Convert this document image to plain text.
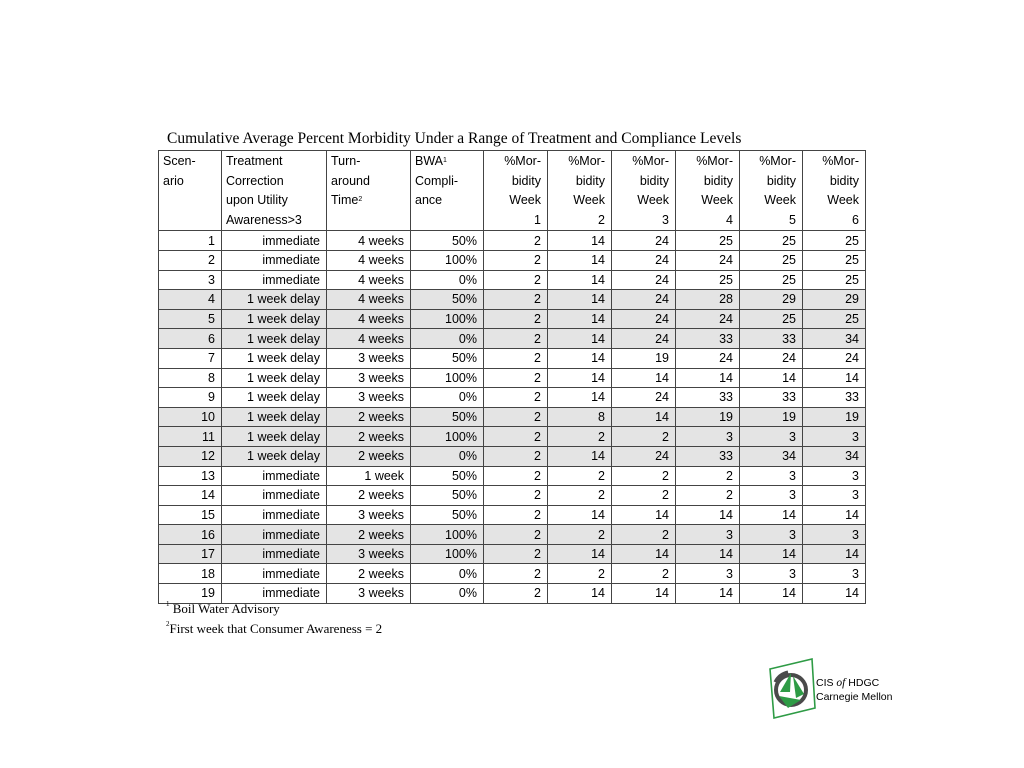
Cumulative Average Percent Morbidity Under a Range of Treatment and Compliance Levels
Scen-
ario	Treatment
Correction
upon Utility
Awareness>3	Turn-
around
Time$^2$	BWA$^1$
Compli-
ance	%Mor-
bidity
Week
1	%Mor-
bidity
Week
2	%Mor-
bidity
Week
3	%Mor-
bidity
Week
4	%Mor-
bidity
Week
5	%Mor-
bidity
Week
6
1	immediate	4 weeks	50%	2	14	24	25	25	25
2	immediate	4 weeks	100%	2	14	24	24	25	25
3	immediate	4 weeks	0%	2	14	24	25	25	25
4	1 week delay	4 weeks	50%	2	14	24	28	29	29
5	1 week delay	4 weeks	100%	2	14	24	24	25	25
6	1 week delay	4 weeks	0%	2	14	24	33	33	34
7	1 week delay	3 weeks	50%	2	14	19	24	24	24
8	1 week delay	3 weeks	100%	2	14	14	14	14	14
9	1 week delay	3 weeks	0%	2	14	24	33	33	33
10	1 week delay	2 weeks	50%	2	8	14	19	19	19
11	1 week delay	2 weeks	100%	2	2	2	3	3	3
12	1 week delay	2 weeks	0%	2	14	24	33	34	34
13	immediate	1 week	50%	2	2	2	2	3	3
14	immediate	2 weeks	50%	2	2	2	2	3	3
15	immediate	3 weeks	50%	2	14	14	14	14	14
16	immediate	2 weeks	100%	2	2	2	3	3	3
17	immediate	3 weeks	100%	2	14	14	14	14	14
18	immediate	2 weeks	0%	2	2	2	3	3	3
19	immediate	3 weeks	0%	2	14	14	14	14	14
$^1$ Boil Water Advisory
$^2$First week that Consumer Awareness = 2
CIS of HDGC
Carnegie Mellon
